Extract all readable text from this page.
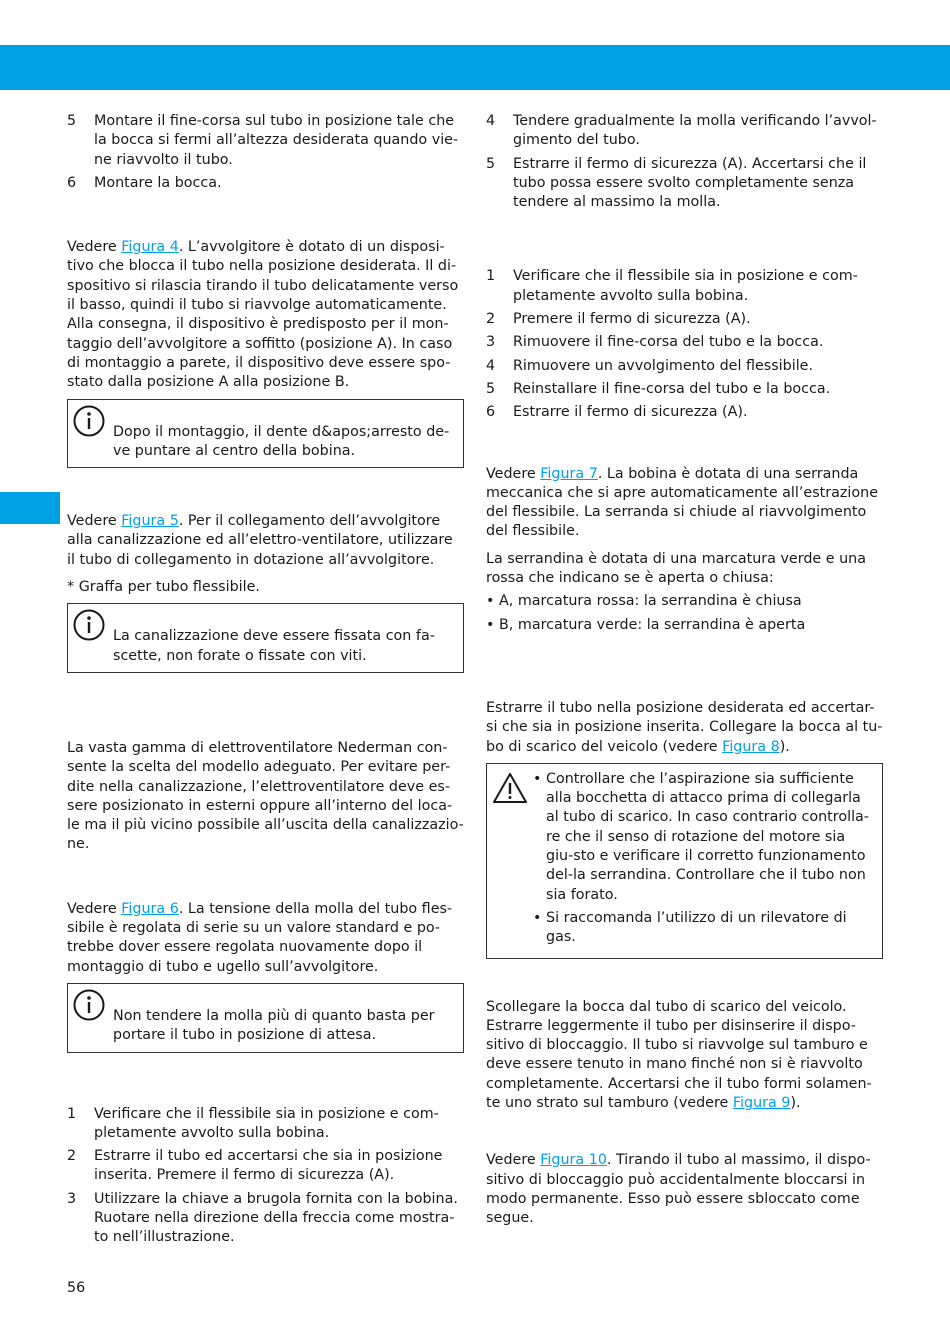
5 Montare il fine-corsa sul tubo in posizione tale che la bocca si fermi all’altezza desiderata quando vie-ne riavvolto il tubo.
6 Montare la bocca.

Vedere Figura 4. L’avvolgitore è dotato di un disposi-tivo che blocca il tubo nella posizione desiderata. Il di-spositivo si rilascia tirando il tubo delicatamente verso il basso, quindi il tubo si riavvolge automaticamente. Alla consegna, il dispositivo è predisposto per il mon-taggio dell’avvolgitore a soffitto (posizione A). In caso di montaggio a parete, il dispositivo deve essere spo-stato dalla posizione A alla posizione B.

Dopo il montaggio, il dente d&apos;arresto de-ve puntare al centro della bobina.

Vedere Figura 5. Per il collegamento dell’avvolgitore alla canalizzazione ed all’elettro-ventilatore, utilizzare il tubo di collegamento in dotazione all’avvolgitore.

* Graffa per tubo flessibile.

La canalizzazione deve essere fissata con fa-scette, non forate o fissate con viti.

La vasta gamma di elettroventilatore Nederman con-sente la scelta del modello adeguato. Per evitare per-dite nella canalizzazione, l’elettroventilatore deve es-sere posizionato in esterni oppure all’interno del loca-le ma il più vicino possibile all’uscita della canalizzazio-ne.

Vedere Figura 6. La tensione della molla del tubo fles-sibile è regolata di serie su un valore standard e po-trebbe dover essere regolata nuovamente dopo il montaggio di tubo e ugello sull’avvolgitore.

Non tendere la molla più di quanto basta per portare il tubo in posizione di attesa.

1 Verificare che il flessibile sia in posizione e com-pletamente avvolto sulla bobina.
2 Estrarre il tubo ed accertarsi che sia in posizione inserita. Premere il fermo di sicurezza (A).
3 Utilizzare la chiave a brugola fornita con la bobina. Ruotare nella direzione della freccia come mostra-to nell’illustrazione.
4 Tendere gradualmente la molla verificando l’avvol-gimento del tubo.
5 Estrarre il fermo di sicurezza (A). Accertarsi che il tubo possa essere svolto completamente senza tendere al massimo la molla.
1 Verificare che il flessibile sia in posizione e com-pletamente avvolto sulla bobina.
2 Premere il fermo di sicurezza (A).
3 Rimuovere il fine-corsa del tubo e la bocca.
4 Rimuovere un avvolgimento del flessibile.
5 Reinstallare il fine-corsa del tubo e la bocca.
6 Estrarre il fermo di sicurezza (A).

Vedere Figura 7. La bobina è dotata di una serranda meccanica che si apre automaticamente all’estrazione del flessibile. La serranda si chiude al riavvolgimento del flessibile.

La serrandina è dotata di una marcatura verde e una rossa che indicano se è aperta o chiusa:

• A, marcatura rossa: la serrandina è chiusa
• B, marcatura verde: la serrandina è aperta

Estrarre il tubo nella posizione desiderata ed accertar-si che sia in posizione inserita. Collegare la bocca al tu-bo di scarico del veicolo (vedere Figura 8).

• Controllare che l’aspirazione sia sufficiente alla bocchetta di attacco prima di collegarla al tubo di scarico. In caso contrario controlla-re che il senso di rotazione del motore sia giu-sto e verificare il corretto funzionamento del-la serrandina. Controllare che il tubo non sia forato.
• Si raccomanda l’utilizzo di un rilevatore di gas.

Scollegare la bocca dal tubo di scarico del veicolo. Estrarre leggermente il tubo per disinserire il dispo-sitivo di bloccaggio. Il tubo si riavvolge sul tamburo e deve essere tenuto in mano finché non si è riavvolto completamente. Accertarsi che il tubo formi solamen-te uno strato sul tamburo (vedere Figura 9).

Vedere Figura 10. Tirando il tubo al massimo, il dispo-sitivo di bloccaggio può accidentalmente bloccarsi in modo permanente. Esso può essere sbloccato come segue.

56
